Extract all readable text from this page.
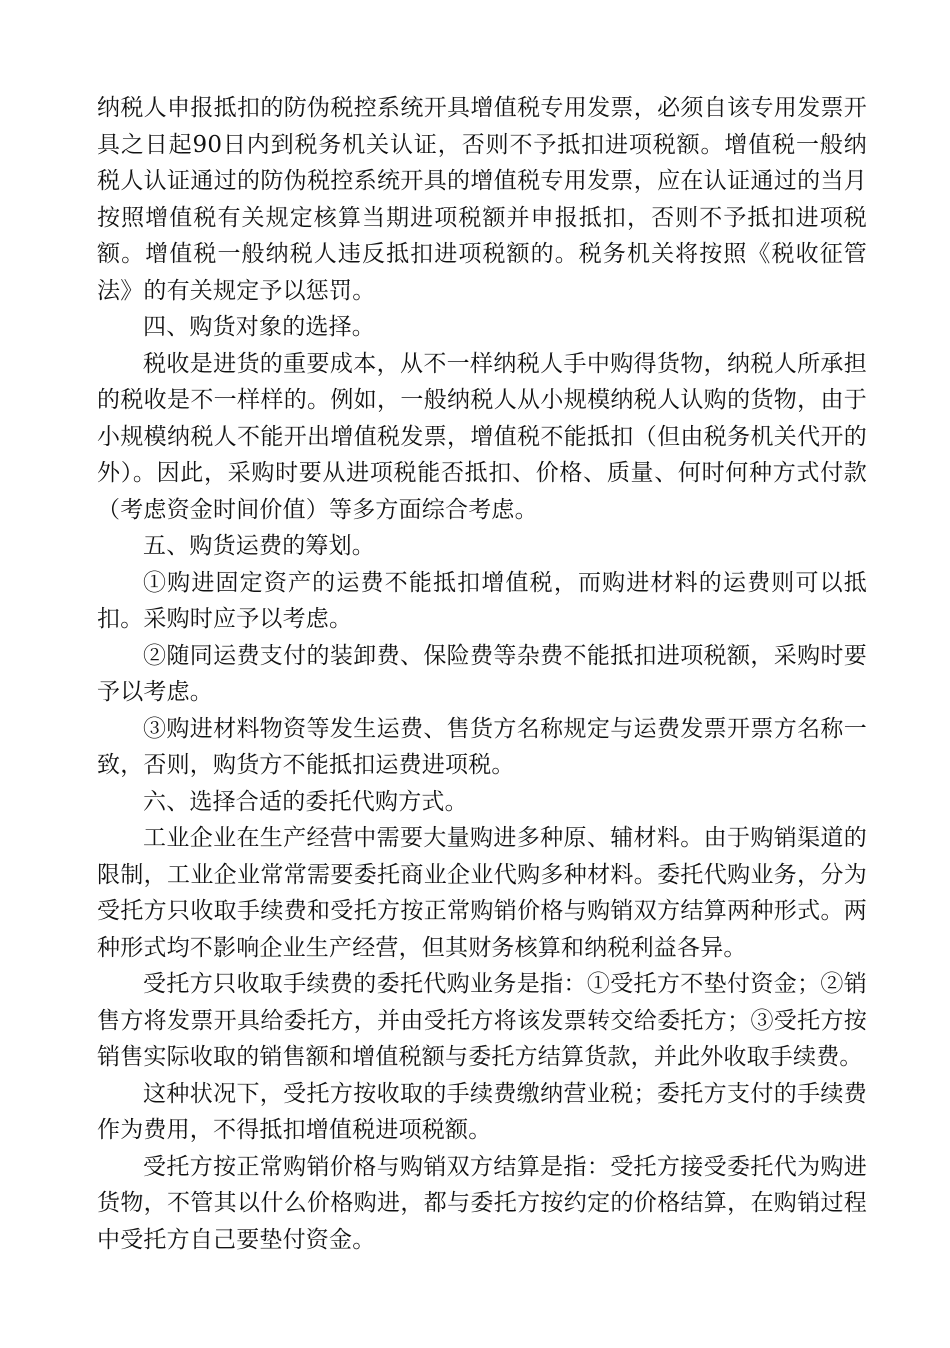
纳税人申报抵扣的防伪税控系统开具增值税专用发票，必须自该专用发票开具之日起90日内到税务机关认证，否则不予抵扣进项税额。增值税一般纳税人认证通过的防伪税控系统开具的增值税专用发票，应在认证通过的当月按照增值税有关规定核算当期进项税额并申报抵扣，否则不予抵扣进项税额。增值税一般纳税人违反抵扣进项税额的。税务机关将按照《税收征管法》的有关规定予以惩罚。

四、购货对象的选择。

税收是进货的重要成本，从不一样纳税人手中购得货物，纳税人所承担的税收是不一样样的。例如，一般纳税人从小规模纳税人认购的货物，由于小规模纳税人不能开出增值税发票，增值税不能抵扣（但由税务机关代开的外）。因此，采购时要从进项税能否抵扣、价格、质量、何时何种方式付款（考虑资金时间价值）等多方面综合考虑。

五、购货运费的筹划。

①购进固定资产的运费不能抵扣增值税，而购进材料的运费则可以抵扣。采购时应予以考虑。

②随同运费支付的装卸费、保险费等杂费不能抵扣进项税额，采购时要予以考虑。

③购进材料物资等发生运费、售货方名称规定与运费发票开票方名称一致，否则，购货方不能抵扣运费进项税。

六、选择合适的委托代购方式。

工业企业在生产经营中需要大量购进多种原、辅材料。由于购销渠道的限制，工业企业常常需要委托商业企业代购多种材料。委托代购业务，分为受托方只收取手续费和受托方按正常购销价格与购销双方结算两种形式。两种形式均不影响企业生产经营，但其财务核算和纳税利益各异。

受托方只收取手续费的委托代购业务是指：①受托方不垫付资金；②销售方将发票开具给委托方，并由受托方将该发票转交给委托方；③受托方按销售实际收取的销售额和增值税额与委托方结算货款，并此外收取手续费。

这种状况下，受托方按收取的手续费缴纳营业税；委托方支付的手续费作为费用，不得抵扣增值税进项税额。

受托方按正常购销价格与购销双方结算是指：受托方接受委托代为购进货物，不管其以什么价格购进，都与委托方按约定的价格结算，在购销过程中受托方自己要垫付资金。
